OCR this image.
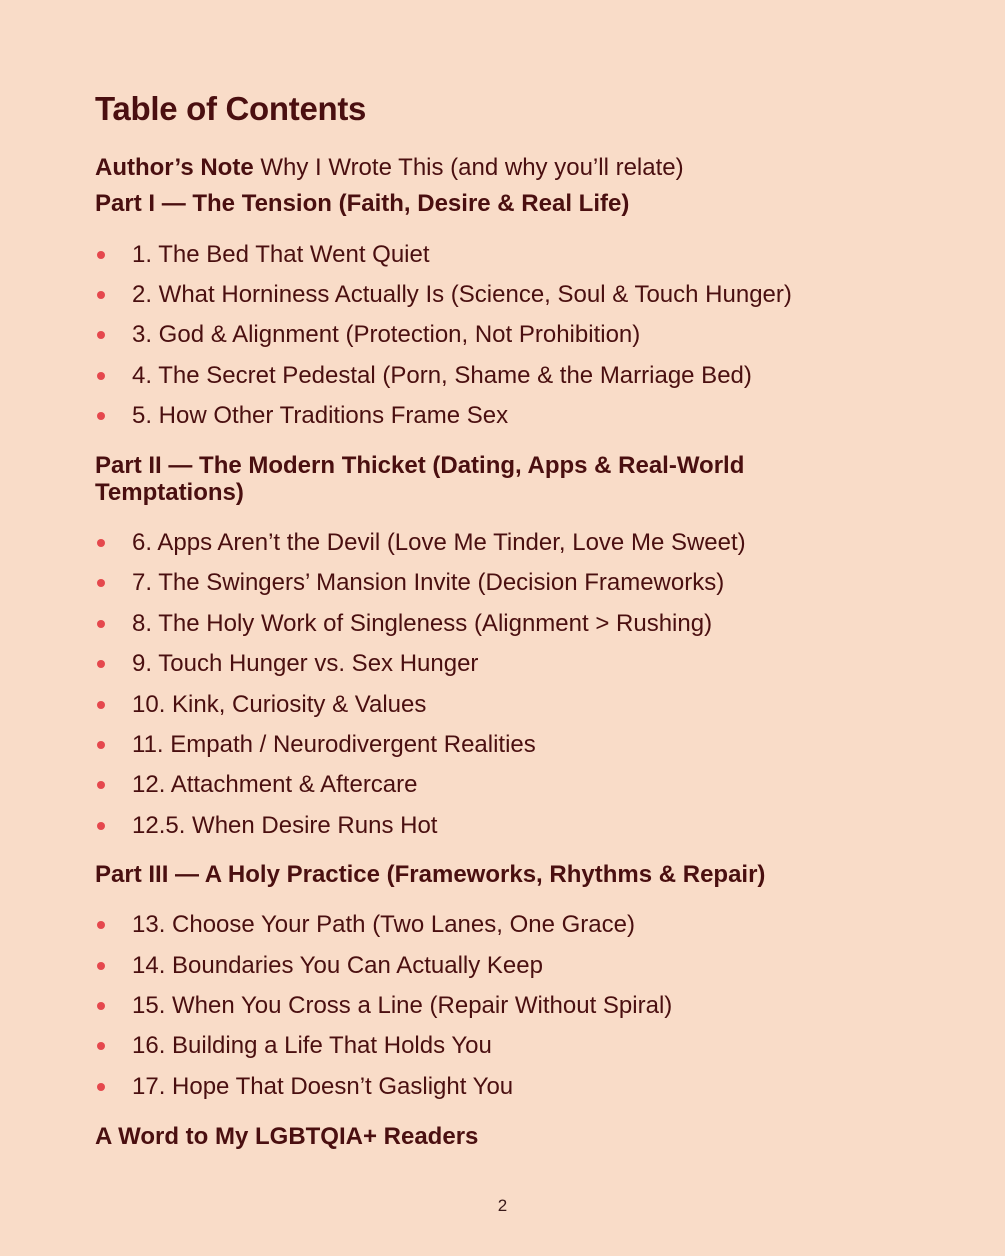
Table of Contents
Author’s Note Why I Wrote This (and why you’ll relate)
Part I — The Tension (Faith, Desire & Real Life)
1. The Bed That Went Quiet
2. What Horniness Actually Is (Science, Soul & Touch Hunger)
3. God & Alignment (Protection, Not Prohibition)
4. The Secret Pedestal (Porn, Shame & the Marriage Bed)
5. How Other Traditions Frame Sex
Part II — The Modern Thicket (Dating, Apps & Real-World Temptations)
6. Apps Aren’t the Devil (Love Me Tinder, Love Me Sweet)
7. The Swingers’ Mansion Invite (Decision Frameworks)
8. The Holy Work of Singleness (Alignment > Rushing)
9. Touch Hunger vs. Sex Hunger
10. Kink, Curiosity & Values
11. Empath / Neurodivergent Realities
12. Attachment & Aftercare
12.5. When Desire Runs Hot
Part III — A Holy Practice (Frameworks, Rhythms & Repair)
13. Choose Your Path (Two Lanes, One Grace)
14. Boundaries You Can Actually Keep
15. When You Cross a Line (Repair Without Spiral)
16. Building a Life That Holds You
17. Hope That Doesn’t Gaslight You
A Word to My LGBTQIA+ Readers
2
